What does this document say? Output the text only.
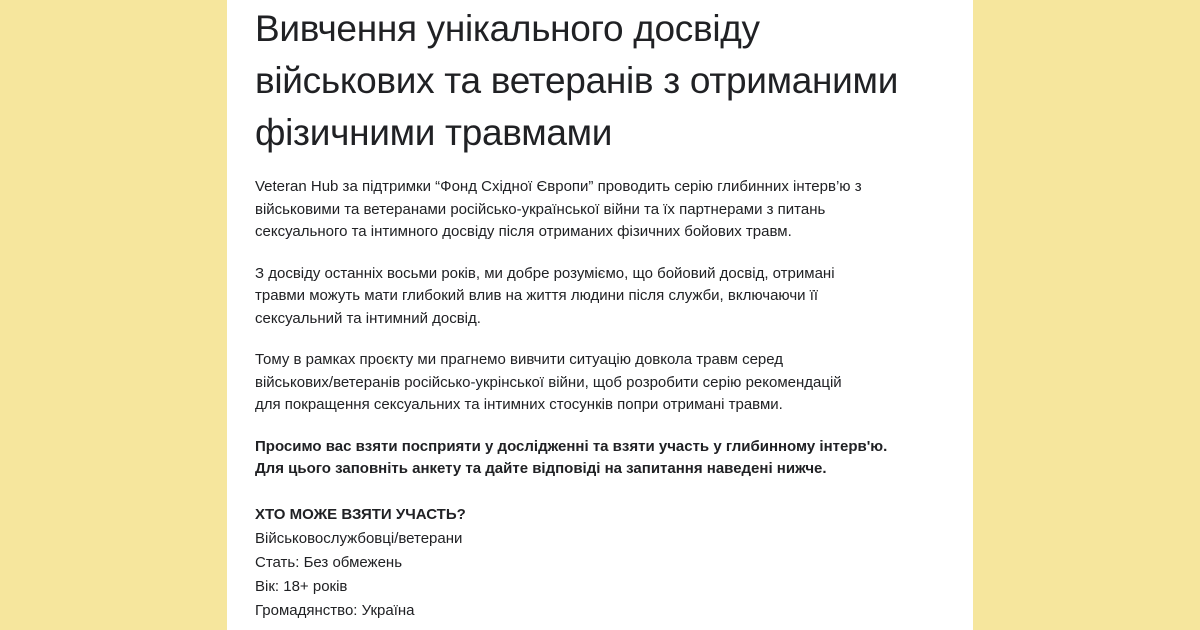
Вивчення унікального досвіду
військових та ветеранів з отриманими
фізичними травмами
Veteran Hub за підтримки “Фонд Східної Європи” проводить серію глибинних інтерв’ю з
військовими та ветеранами російсько-української війни та їх партнерами з питань
сексуального та інтимного досвіду після отриманих фізичних бойових травм.
З досвіду останніх восьми років, ми добре розуміємо, що бойовий досвід, отримані
травми можуть мати глибокий влив на життя людини після служби, включаючи її
сексуальний та інтимний досвід.
Тому в рамках проєкту ми прагнемо вивчити ситуацію довкола травм серед
військових/ветеранів російсько-укрінської війни, щоб розробити серію рекомендацій
для покращення сексуальних та інтимних стосунків попри отримані травми.
Просимо вас взяти посприяти у дослідженні та взяти участь у глибинному інтерв'ю.
Для цього заповніть анкету та дайте відповіді на запитання наведені нижче.
ХТО МОЖЕ ВЗЯТИ УЧАСТЬ?
Військовослужбовці/ветерани
Стать: Без обмежень
Вік: 18+ років
Громадянство: Україна
